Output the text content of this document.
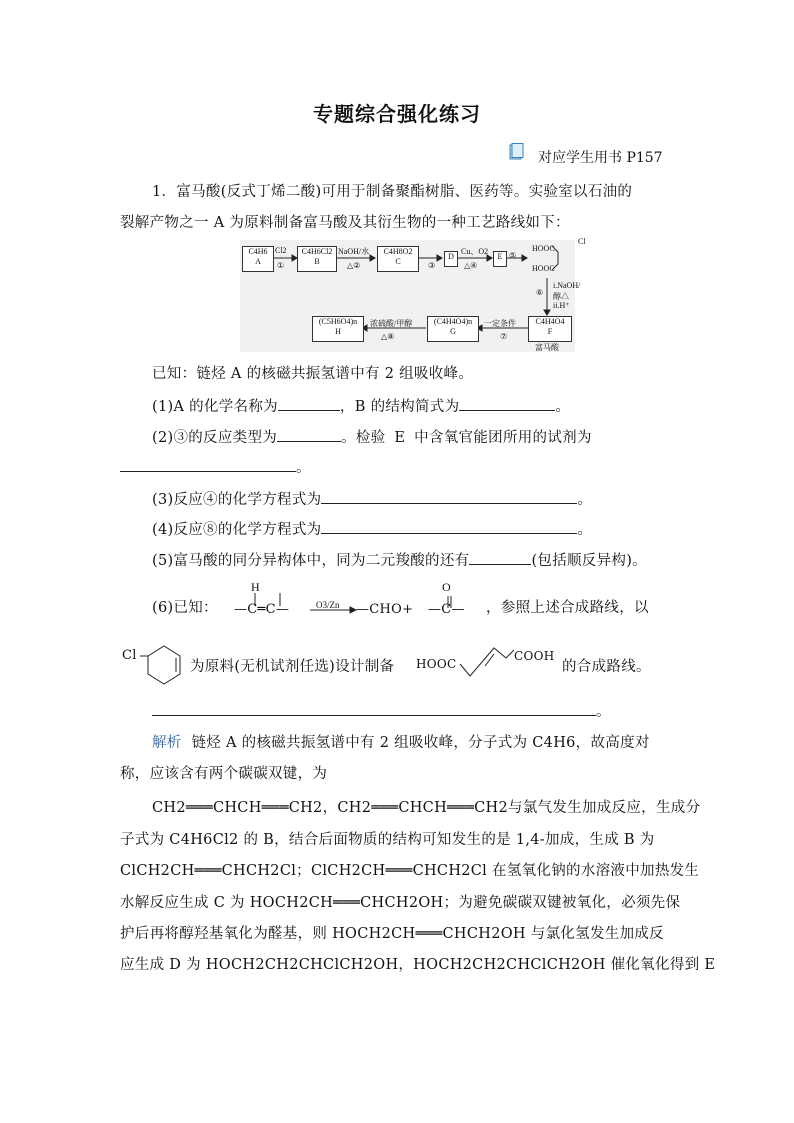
专题综合强化练习
对应学生用书 P157
1．富马酸(反式丁烯二酸)可用于制备聚酯树脂、医药等。实验室以石油的
裂解产物之一 A 为原料制备富马酸及其衍生物的一种工艺路线如下：
C4H6
A
Cl2
①
C4H6Cl2
B
NaOH/水
△②
C4H8O2
C	③
D
Cu、O2
△④
E ⑤
HOOC
Cl
HOOC
⑥
i.NaOH/
醇△
ii.H⁺
C4H4O4
F
富马酸
一定条件
⑦
(C4H4O4)n
G
浓硫酸/甲醇
△⑧
(C5H6O4)n
H
已知：链烃 A 的核磁共振氢谱中有 2 组吸收峰。
(1)A 的化学名称为	，B 的结构简式为	。
(2)③的反应类型为	。检验 E 中含氧官能团所用的试剂为
。
(3)反应④的化学方程式为	。
(4)反应⑧的化学方程式为	。
(5)富马酸的同分异构体中，同为二元羧酸的还有	(包括顺反异构)。
(6)已知：
H
—C═C—	O3/Zn —CHO+
O
—C— ，参照上述合成路线，以
Cl
为原料(无机试剂任选)设计制备 HOOC
COOH
的合成路线。
。
解析 链烃 A 的核磁共振氢谱中有 2 组吸收峰，分子式为 C4H6，故高度对
称，应该含有两个碳碳双键，为
CH2═══CHCH═══CH2，CH2═══CHCH═══CH2与氯气发生加成反应，生成分
子式为 C4H6Cl2 的 B，结合后面物质的结构可知发生的是 1,4-加成，生成 B 为
ClCH2CH═══CHCH2Cl；ClCH2CH═══CHCH2Cl 在氢氧化钠的水溶液中加热发生
水解反应生成 C 为 HOCH2CH═══CHCH2OH；为避免碳碳双键被氧化，必须先保
护后再将醇羟基氧化为醛基，则 HOCH2CH═══CHCH2OH 与氯化氢发生加成反
应生成 D 为 HOCH2CH2CHClCH2OH，HOCH2CH2CHClCH2OH 催化氧化得到 E
